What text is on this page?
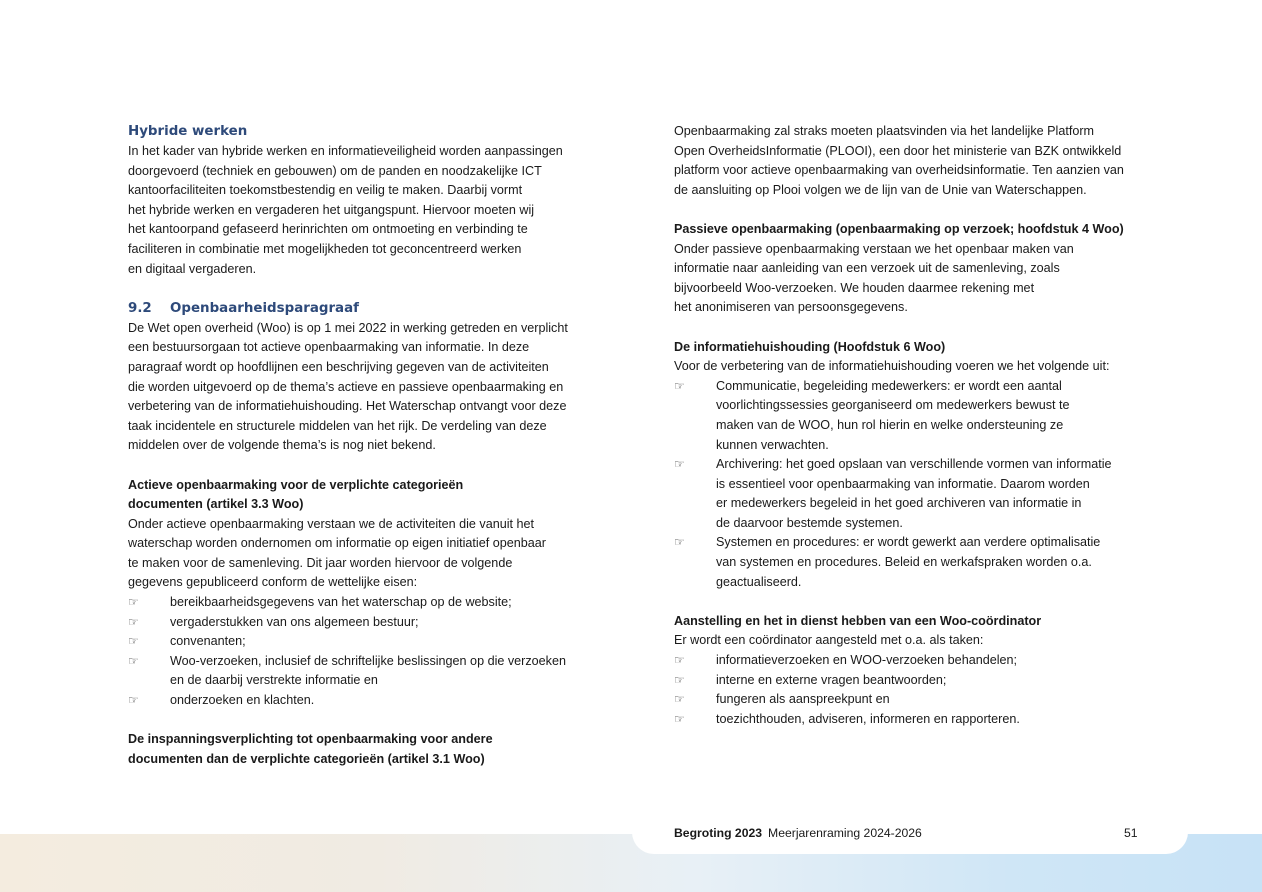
Hybride werken

In het kader van hybride werken en informatieveiligheid worden aanpassingen
doorgevoerd (techniek en gebouwen) om de panden en noodzakelijke ICT
kantoorfaciliteiten toekomstbestendig en veilig te maken. Daarbij vormt
het hybride werken en vergaderen het uitgangspunt. Hiervoor moeten wij
het kantoorpand gefaseerd herinrichten om ontmoeting en verbinding te
faciliteren in combinatie met mogelijkheden tot geconcentreerd werken
en digitaal vergaderen.

9.2 Openbaarheidsparagraaf

De Wet open overheid (Woo) is op 1 mei 2022 in werking getreden en verplicht
een bestuursorgaan tot actieve openbaarmaking van informatie. In deze
paragraaf wordt op hoofdlijnen een beschrijving gegeven van de activiteiten
die worden uitgevoerd op de thema’s actieve en passieve openbaarmaking en
verbetering van de informatiehuishouding. Het Waterschap ontvangt voor deze
taak incidentele en structurele middelen van het rijk. De verdeling van deze
middelen over de volgende thema’s is nog niet bekend.
Actieve openbaarmaking voor de verplichte categorieën
documenten (artikel 3.3 Woo)
Onder actieve openbaarmaking verstaan we de activiteiten die vanuit het
waterschap worden ondernomen om informatie op eigen initiatief openbaar
te maken voor de samenleving. Dit jaar worden hiervoor de volgende
gegevens gepubliceerd conform de wettelijke eisen:
☞	bereikbaarheidsgegevens van het waterschap op de website;
☞	vergaderstukken van ons algemeen bestuur;
☞	convenanten;
☞	Woo-verzoeken, inclusief de schriftelijke beslissingen op die verzoeken
en de daarbij verstrekte informatie en
☞	onderzoeken en klachten.
De inspanningsverplichting tot openbaarmaking voor andere
documenten dan de verplichte categorieën (artikel 3.1 Woo)
Openbaarmaking zal straks moeten plaatsvinden via het landelijke Platform
Open OverheidsInformatie (PLOOI), een door het ministerie van BZK ontwikkeld
platform voor actieve openbaarmaking van overheidsinformatie. Ten aanzien van
de aansluiting op Plooi volgen we de lijn van de Unie van Waterschappen.

Passieve openbaarmaking (openbaarmaking op verzoek; hoofdstuk 4 Woo)

Onder passieve openbaarmaking verstaan we het openbaar maken van
informatie naar aanleiding van een verzoek uit de samenleving, zoals
bijvoorbeeld Woo-verzoeken. We houden daarmee rekening met
het anonimiseren van persoonsgegevens.

De informatiehuishouding (Hoofdstuk 6 Woo)

Voor de verbetering van de informatiehuishouding voeren we het volgende uit:

☞	Communicatie, begeleiding medewerkers: er wordt een aantal
voorlichtingssessies georganiseerd om medewerkers bewust te
maken van de WOO, hun rol hierin en welke ondersteuning ze
kunnen verwachten.
☞	Archivering: het goed opslaan van verschillende vormen van informatie
is essentieel voor openbaarmaking van informatie. Daarom worden
er medewerkers begeleid in het goed archiveren van informatie in
de daarvoor bestemde systemen.
☞	Systemen en procedures: er wordt gewerkt aan verdere optimalisatie
van systemen en procedures. Beleid en werkafspraken worden o.a.
geactualiseerd.

Aanstelling en het in dienst hebben van een Woo-coördinator

Er wordt een coördinator aangesteld met o.a. als taken:

☞	informatieverzoeken en WOO-verzoeken behandelen;
☞	interne en externe vragen beantwoorden;
☞	fungeren als aanspreekpunt en
☞	toezichthouden, adviseren, informeren en rapporteren.
Begroting 2023 Meerjarenraming 2024-2026	51
